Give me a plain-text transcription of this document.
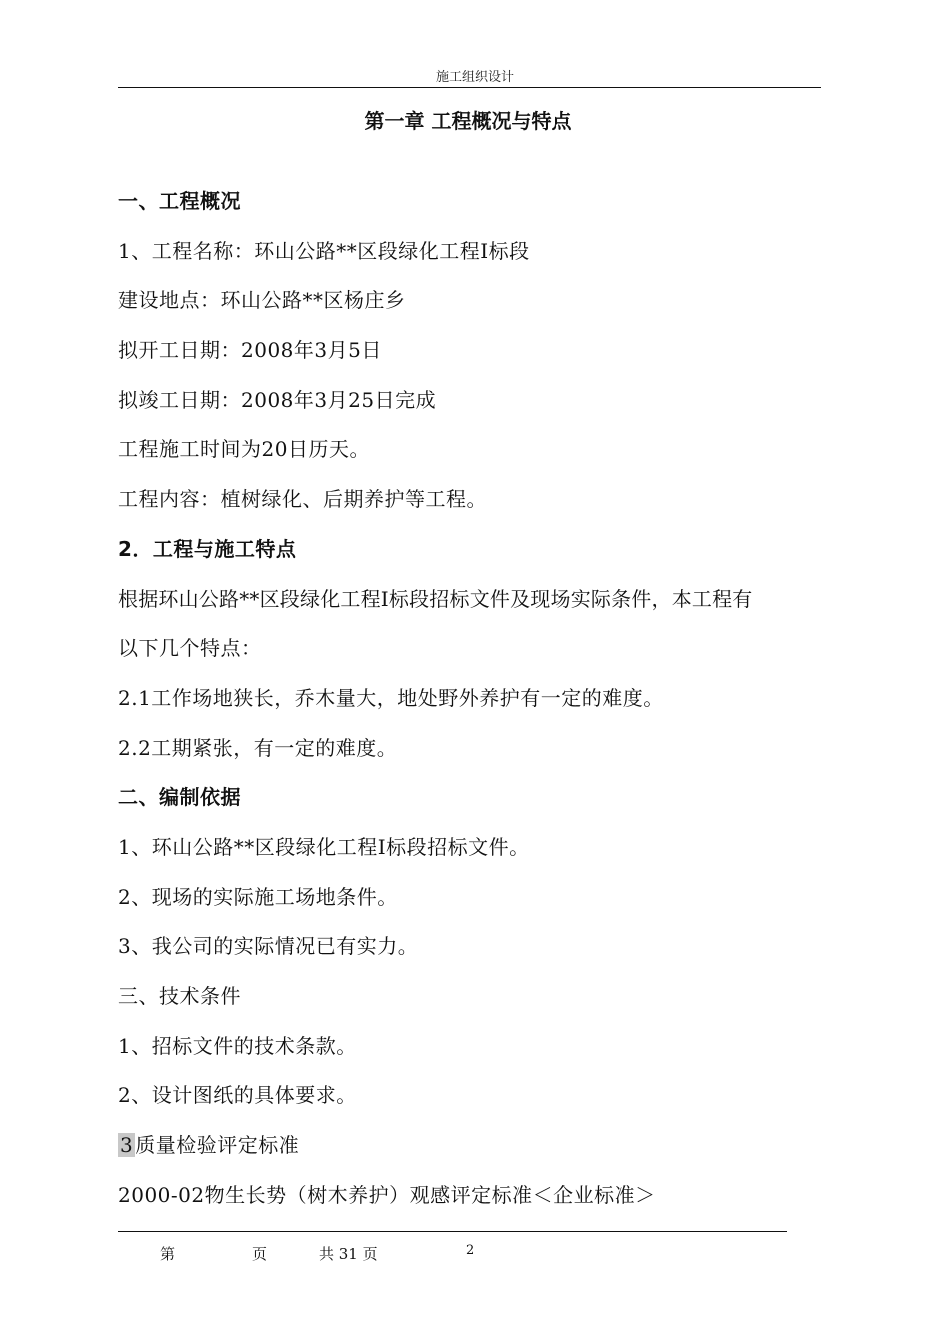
施工组织设计
第一章 工程概况与特点
一、工程概况
1、工程名称：环山公路**区段绿化工程Ⅰ标段
建设地点：环山公路**区杨庄乡
拟开工日期：2008年3月5日
拟竣工日期：2008年3月25日完成
工程施工时间为20日历天。
工程内容：植树绿化、后期养护等工程。
2．工程与施工特点
根据环山公路**区段绿化工程Ⅰ标段招标文件及现场实际条件，本工程有
以下几个特点：
2.1工作场地狭长，乔木量大，地处野外养护有一定的难度。
2.2工期紧张，有一定的难度。
二、编制依据
1、环山公路**区段绿化工程Ⅰ标段招标文件。
2、现场的实际施工场地条件。
3、我公司的实际情况已有实力。
三、技术条件
1、招标文件的技术条款。
2、设计图纸的具体要求。
3 质量检验评定标准
2000-02物生长势（树木养护）观感评定标准＜企业标准＞
第	页	共 31 页	2
